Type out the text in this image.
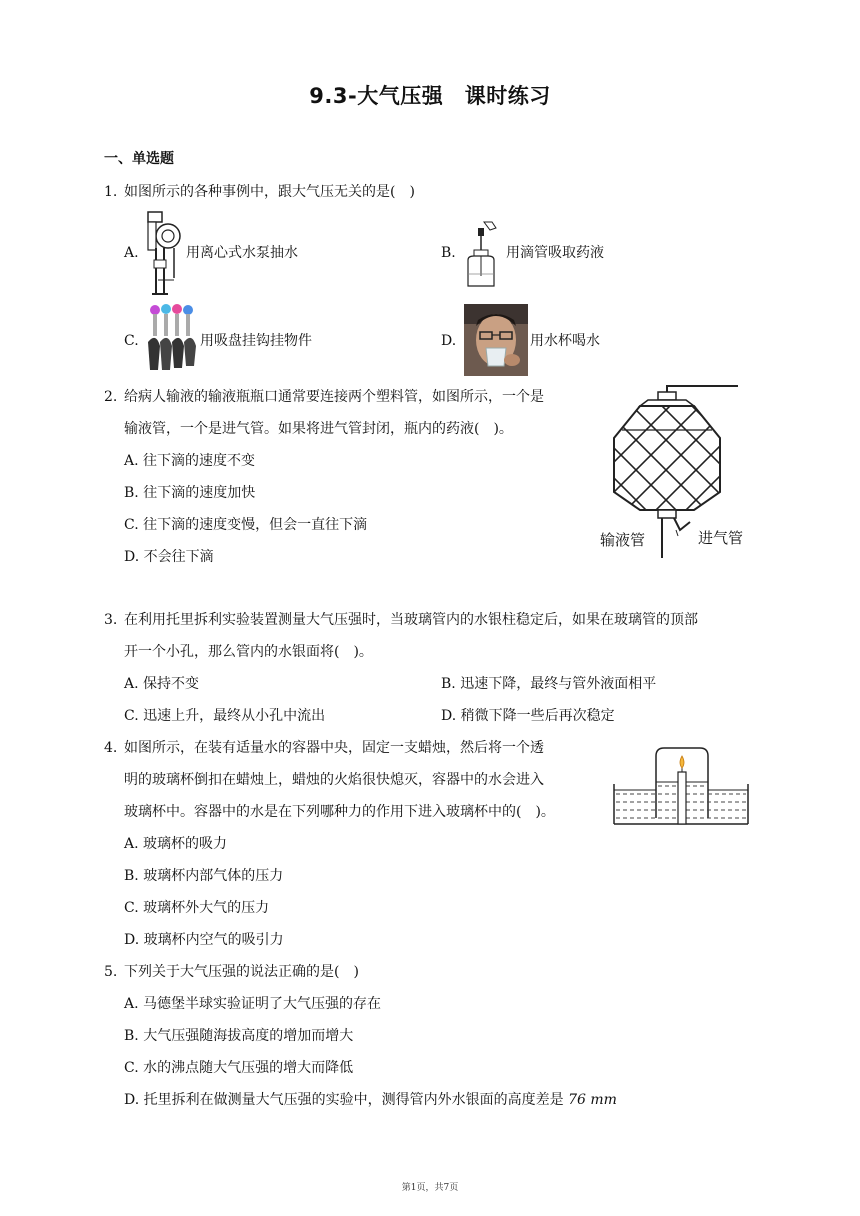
9.3-大气压强　课时练习
一、单选题
1. 如图所示的各种事例中，跟大气压无关的是(　)
A.	用离心式水泵抽水	B.	用滴管吸取药液
C.	用吸盘挂钩挂物件	D.	用水杯喝水
2. 给病人输液的输液瓶瓶口通常要连接两个塑料管，如图所示，一个是
输液管，一个是进气管。如果将进气管封闭，瓶内的药液(　)。
A. 往下滴的速度不变
B. 往下滴的速度加快
C. 往下滴的速度变慢，但会一直往下滴
D. 不会往下滴
输液管	进气管
3. 在利用托里拆利实验装置测量大气压强时，当玻璃管内的水银柱稳定后，如果在玻璃管的顶部
开一个小孔，那么管内的水银面将(　)。
A. 保持不变	B. 迅速下降，最终与管外液面相平
C. 迅速上升，最终从小孔中流出	D. 稍微下降一些后再次稳定
4. 如图所示，在装有适量水的容器中央，固定一支蜡烛，然后将一个透
明的玻璃杯倒扣在蜡烛上，蜡烛的火焰很快熄灭，容器中的水会进入
玻璃杯中。容器中的水是在下列哪种力的作用下进入玻璃杯中的(　)。
A. 玻璃杯的吸力
B. 玻璃杯内部气体的压力
C. 玻璃杯外大气的压力
D. 玻璃杯内空气的吸引力
5. 下列关于大气压强的说法正确的是(　)
A. 马德堡半球实验证明了大气压强的存在
B. 大气压强随海拔高度的增加而增大
C. 水的沸点随大气压强的增大而降低
D. 托里拆利在做测量大气压强的实验中，测得管内外水银面的高度差是 76 mm
第1页，共7页
